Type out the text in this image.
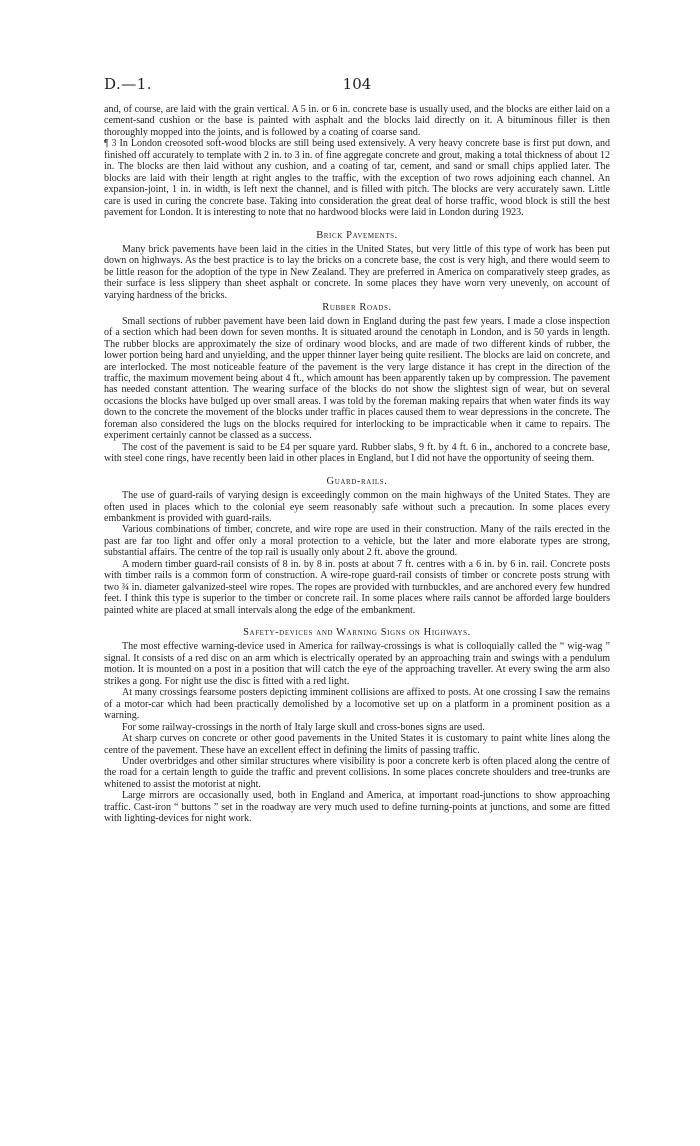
D.—1.	104

and, of course, are laid with the grain vertical. A 5 in. or 6 in. concrete base is usually used, and the blocks are either laid on a cement-sand cushion or the base is painted with asphalt and the blocks laid directly on it. A bituminous filler is then thoroughly mopped into the joints, and is followed by a coating of coarse sand.

¶ 3 In London creosoted soft-wood blocks are still being used extensively. A very heavy concrete base is first put down, and finished off accurately to template with 2 in. to 3 in. of fine aggregate concrete and grout, making a total thickness of about 12 in. The blocks are then laid without any cushion, and a coating of tar, cement, and sand or small chips applied later. The blocks are laid with their length at right angles to the traffic, with the exception of two rows adjoining each channel. An expansion-joint, 1 in. in width, is left next the channel, and is filled with pitch. The blocks are very accurately sawn. Little care is used in curing the concrete base. Taking into consideration the great deal of horse traffic, wood block is still the best pavement for London. It is interesting to note that no hardwood blocks were laid in London during 1923.

Brick Pavements.

Many brick pavements have been laid in the cities in the United States, but very little of this type of work has been put down on highways. As the best practice is to lay the bricks on a concrete base, the cost is very high, and there would seem to be little reason for the adoption of the type in New Zealand. They are preferred in America on comparatively steep grades, as their surface is less slippery than sheet asphalt or concrete. In some places they have worn very unevenly, on account of varying hardness of the bricks.

Rubber Roads.

Small sections of rubber pavement have been laid down in England during the past few years. I made a close inspection of a section which had been down for seven months. It is situated around the cenotaph in London, and is 50 yards in length. The rubber blocks are approximately the size of ordinary wood blocks, and are made of two different kinds of rubber, the lower portion being hard and unyielding, and the upper thinner layer being quite resilient. The blocks are laid on concrete, and are interlocked. The most noticeable feature of the pavement is the very large distance it has crept in the direction of the traffic, the maximum movement being about 4 ft., which amount has been apparently taken up by compression. The pavement has needed constant attention. The wearing surface of the blocks do not show the slightest sign of wear, but on several occasions the blocks have bulged up over small areas. I was told by the foreman making repairs that when water finds its way down to the concrete the movement of the blocks under traffic in places caused them to wear depressions in the concrete. The foreman also considered the lugs on the blocks required for interlocking to be impracticable when it came to repairs. The experiment certainly cannot be classed as a success.

The cost of the pavement is said to be £4 per square yard. Rubber slabs, 9 ft. by 4 ft. 6 in., anchored to a concrete base, with steel cone rings, have recently been laid in other places in England, but I did not have the opportunity of seeing them.

Guard-rails.

The use of guard-rails of varying design is exceedingly common on the main highways of the United States. They are often used in places which to the colonial eye seem reasonably safe without such a precaution. In some places every embankment is provided with guard-rails.

Various combinations of timber, concrete, and wire rope are used in their construction. Many of the rails erected in the past are far too light and offer only a moral protection to a vehicle, but the later and more elaborate types are strong, substantial affairs. The centre of the top rail is usually only about 2 ft. above the ground.

A modern timber guard-rail consists of 8 in. by 8 in. posts at about 7 ft. centres with a 6 in. by 6 in. rail. Concrete posts with timber rails is a common form of construction. A wire-rope guard-rail consists of timber or concrete posts strung with two ¾ in. diameter galvanized-steel wire ropes. The ropes are provided with turnbuckles, and are anchored every few hundred feet. I think this type is superior to the timber or concrete rail. In some places where rails cannot be afforded large boulders painted white are placed at small intervals along the edge of the embankment.

Safety-devices and Warning Signs on Highways.

The most effective warning-device used in America for railway-crossings is what is colloquially called the “ wig-wag ” signal. It consists of a red disc on an arm which is electrically operated by an approaching train and swings with a pendulum motion. It is mounted on a post in a position that will catch the eye of the approaching traveller. At every swing the arm also strikes a gong. For night use the disc is fitted with a red light.

At many crossings fearsome posters depicting imminent collisions are affixed to posts. At one crossing I saw the remains of a motor-car which had been practically demolished by a locomotive set up on a platform in a prominent position as a warning.

For some railway-crossings in the north of Italy large skull and cross-bones signs are used.

At sharp curves on concrete or other good pavements in the United States it is customary to paint white lines along the centre of the pavement. These have an excellent effect in defining the limits of passing traffic.

Under overbridges and other similar structures where visibility is poor a concrete kerb is often placed along the centre of the road for a certain length to guide the traffic and prevent collisions. In some places concrete shoulders and tree-trunks are whitened to assist the motorist at night.

Large mirrors are occasionally used, both in England and America, at important road-junctions to show approaching traffic. Cast-iron “ buttons ” set in the roadway are very much used to define turning-points at junctions, and some are fitted with lighting-devices for night work.
